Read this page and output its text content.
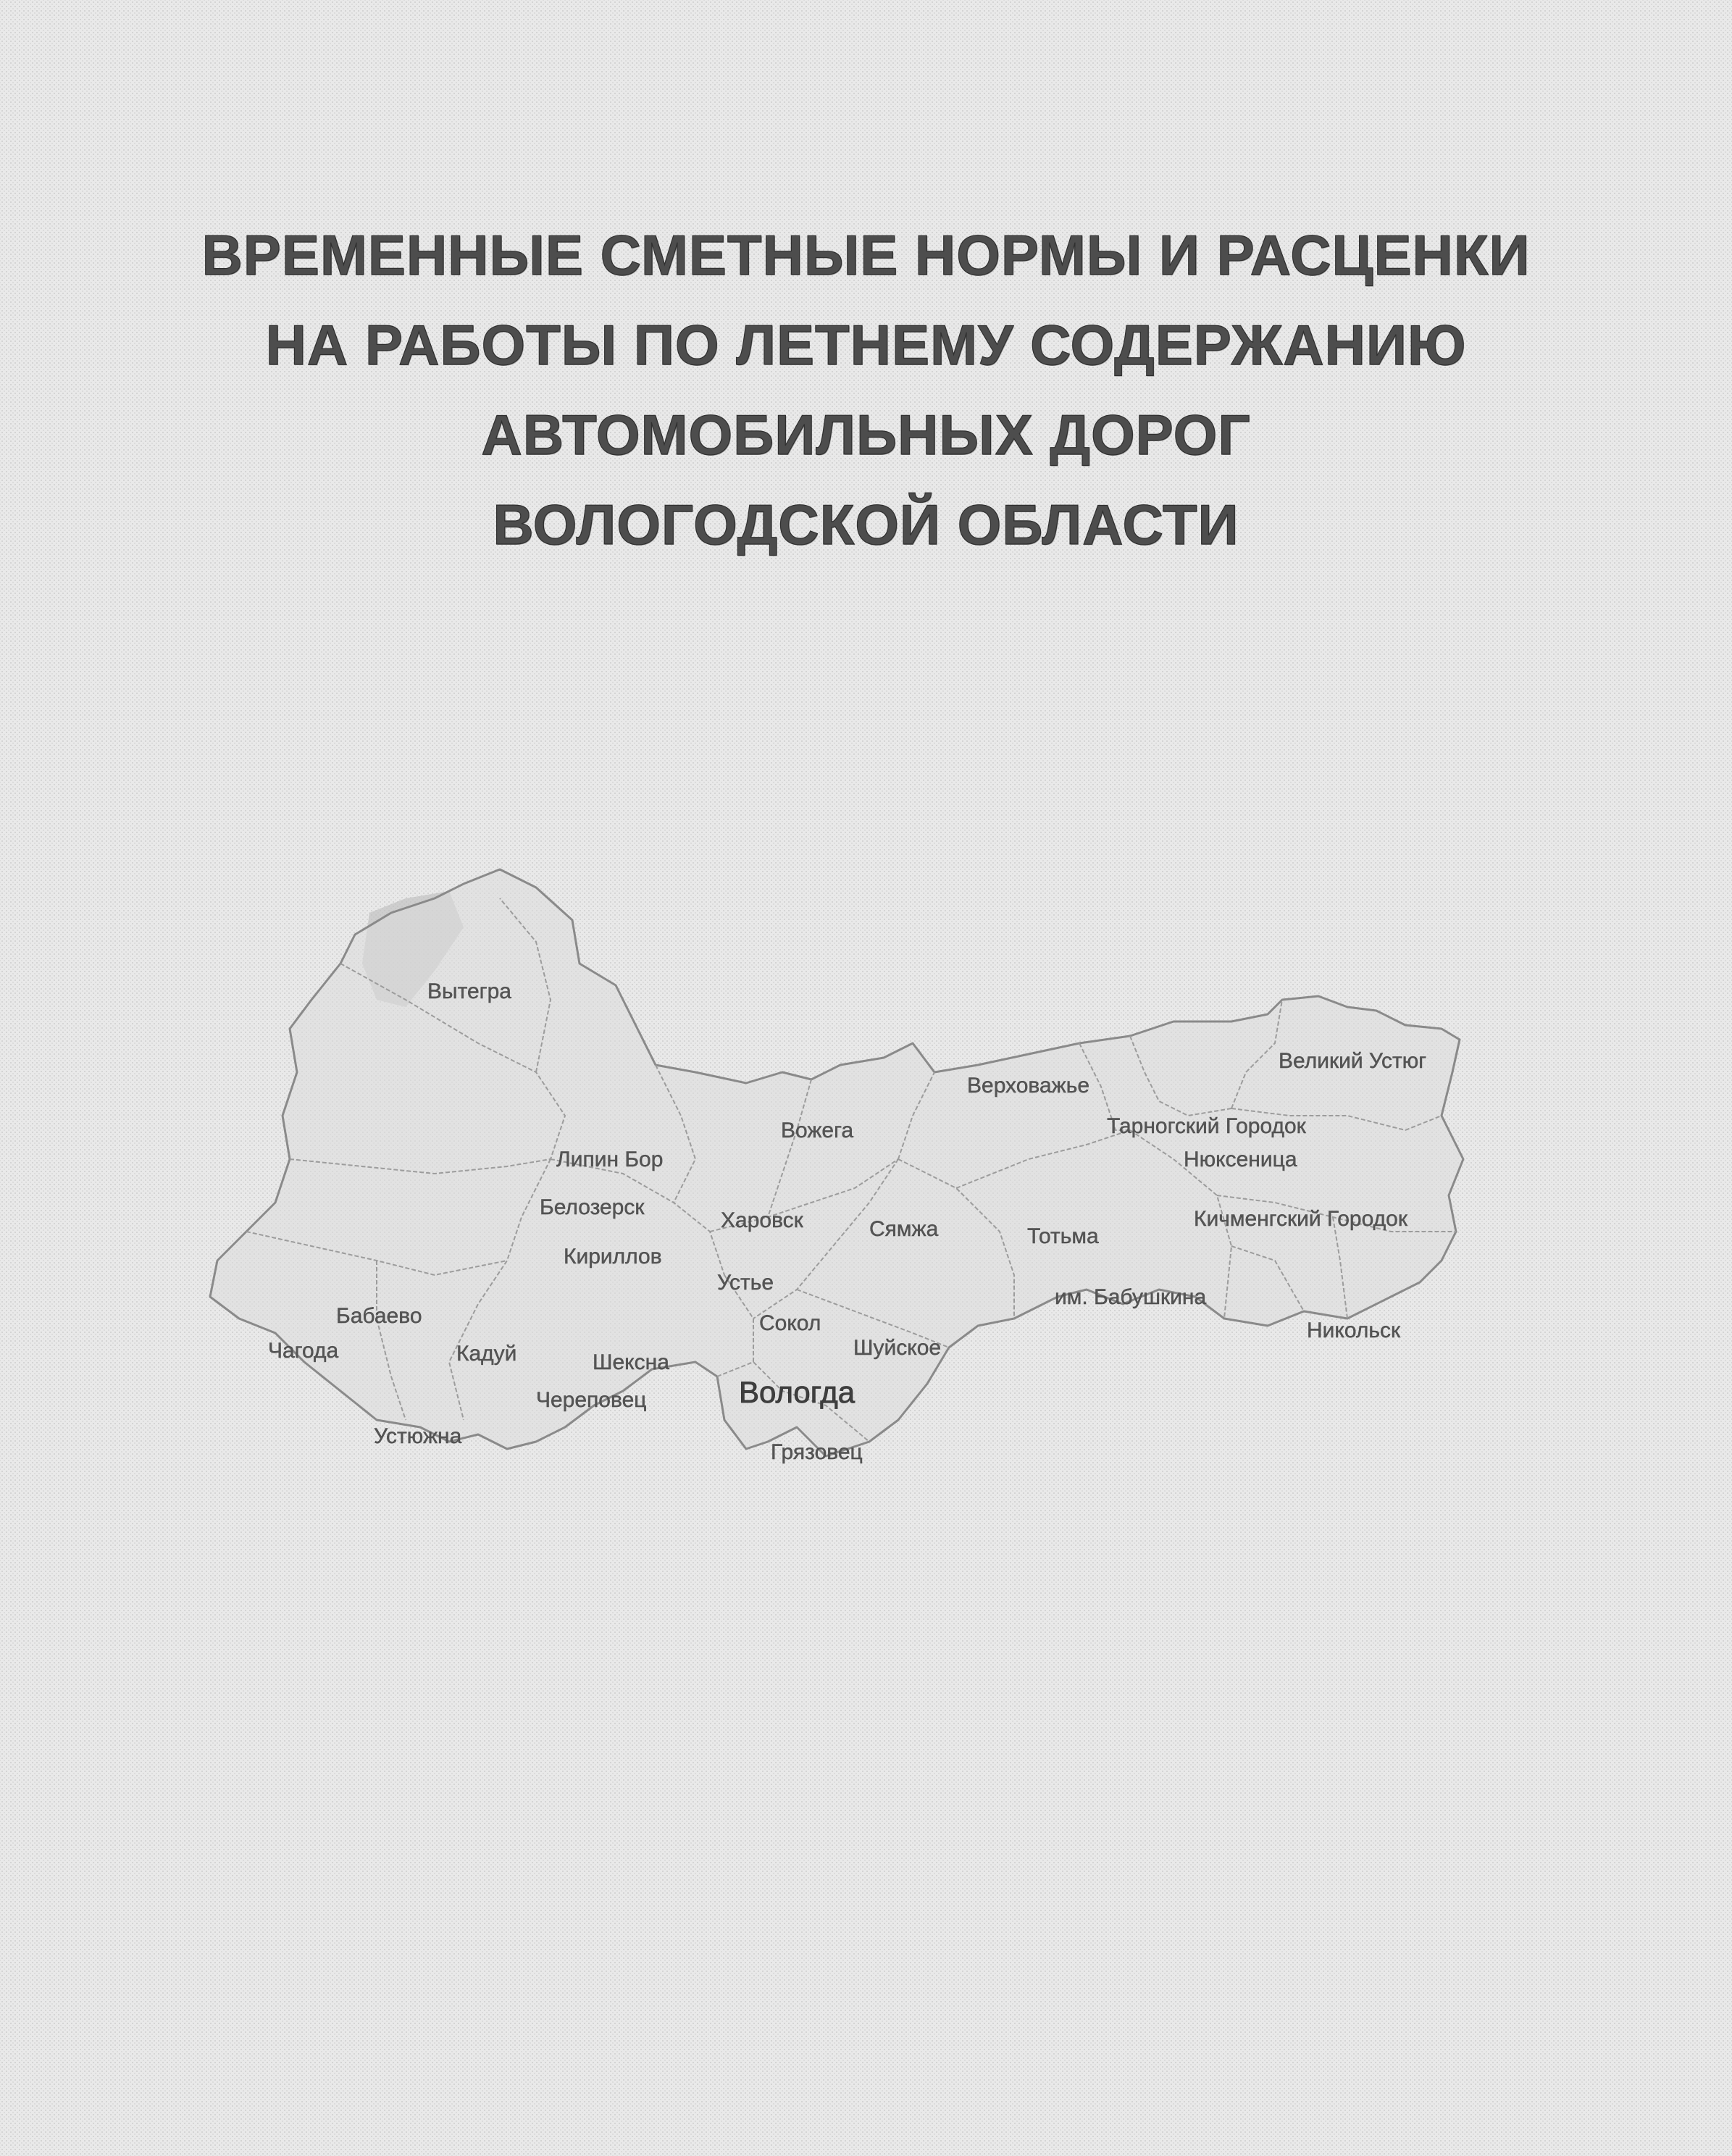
ВРЕМЕННЫЕ СМЕТНЫЕ НОРМЫ И РАСЦЕНКИ
НА РАБОТЫ ПО ЛЕТНЕМУ СОДЕРЖАНИЮ
АВТОМОБИЛЬНЫХ ДОРОГ
ВОЛОГОДСКОЙ ОБЛАСТИ
Вытегра
Великий Устюг
Верховажье
Вожега	Тарногский Городок
Липин Бор	Нюксеница
Белозерск
Харовск	Сямжа	Тотьма
Кичменгский Городок
Кириллов
Устье
им. Бабушкина
Бабаево	Сокол	Никольск
Чагода	Кадуй	Шексна
Шуйское
Череповец	Вологда
Устюжна
Грязовец
